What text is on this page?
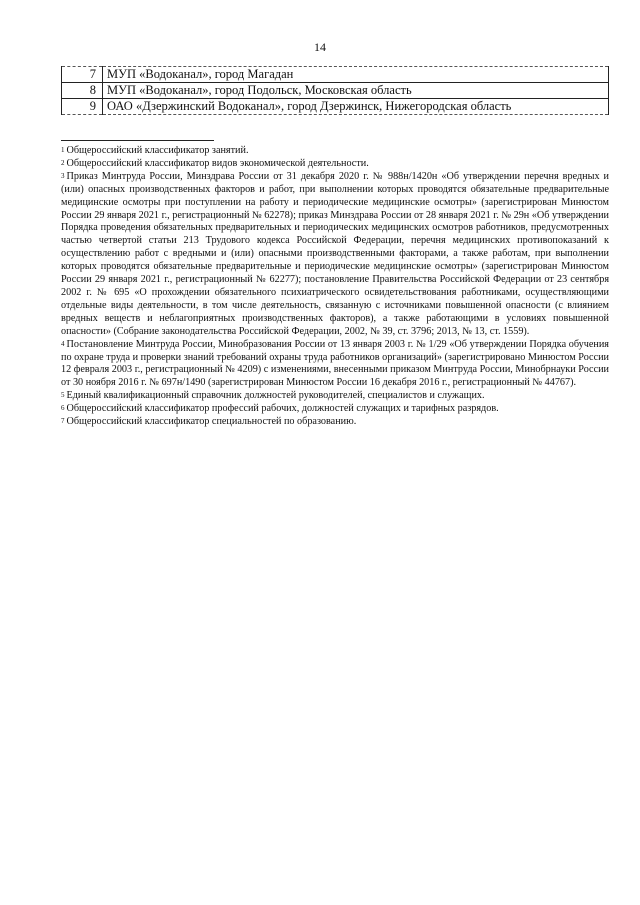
14
7	МУП «Водоканал», город Магадан
8	МУП «Водоканал», город Подольск, Московская область
9	ОАО «Дзержинский Водоканал», город Дзержинск, Нижегородская область

$^1$ Общероссийский классификатор занятий.

$^2$ Общероссийский классификатор видов экономической деятельности.

$^3$ Приказ Минтруда России, Минздрава России от 31 декабря 2020 г. № 988н/1420н «Об утверждении перечня вредных и (или) опасных производственных факторов и работ, при выполнении которых проводятся обязательные предварительные медицинские осмотры при поступлении на работу и периодические медицинские осмотры» (зарегистрирован Минюстом России 29 января 2021 г., регистрационный № 62278); приказ Минздрава России от 28 января 2021 г. № 29н «Об утверждении Порядка проведения обязательных предварительных и периодических медицинских осмотров работников, предусмотренных частью четвертой статьи 213 Трудового кодекса Российской Федерации, перечня медицинских противопоказаний к осуществлению работ с вредными и (или) опасными производственными факторами, а также работам, при выполнении которых проводятся обязательные предварительные и периодические медицинские осмотры» (зарегистрирован Минюстом России 29 января 2021 г., регистрационный № 62277); постановление Правительства Российской Федерации от 23 сентября 2002 г. № 695 «О прохождении обязательного психиатрического освидетельствования работниками, осуществляющими отдельные виды деятельности, в том числе деятельность, связанную с источниками повышенной опасности (с влиянием вредных веществ и неблагоприятных производственных факторов), а также работающими в условиях повышенной опасности» (Собрание законодательства Российской Федерации, 2002, № 39, ст. 3796; 2013, № 13, ст. 1559).

$^4$ Постановление Минтруда России, Минобразования России от 13 января 2003 г. № 1/29 «Об утверждении Порядка обучения по охране труда и проверки знаний требований охраны труда работников организаций» (зарегистрировано Минюстом России 12 февраля 2003 г., регистрационный № 4209) с изменениями, внесенными приказом Минтруда России, Минобрнауки России от 30 ноября 2016 г. № 697н/1490 (зарегистрирован Минюстом России 16 декабря 2016 г., регистрационный № 44767).

$^5$ Единый квалификационный справочник должностей руководителей, специалистов и служащих.

$^6$ Общероссийский классификатор профессий рабочих, должностей служащих и тарифных разрядов.

$^7$ Общероссийский классификатор специальностей по образованию.
